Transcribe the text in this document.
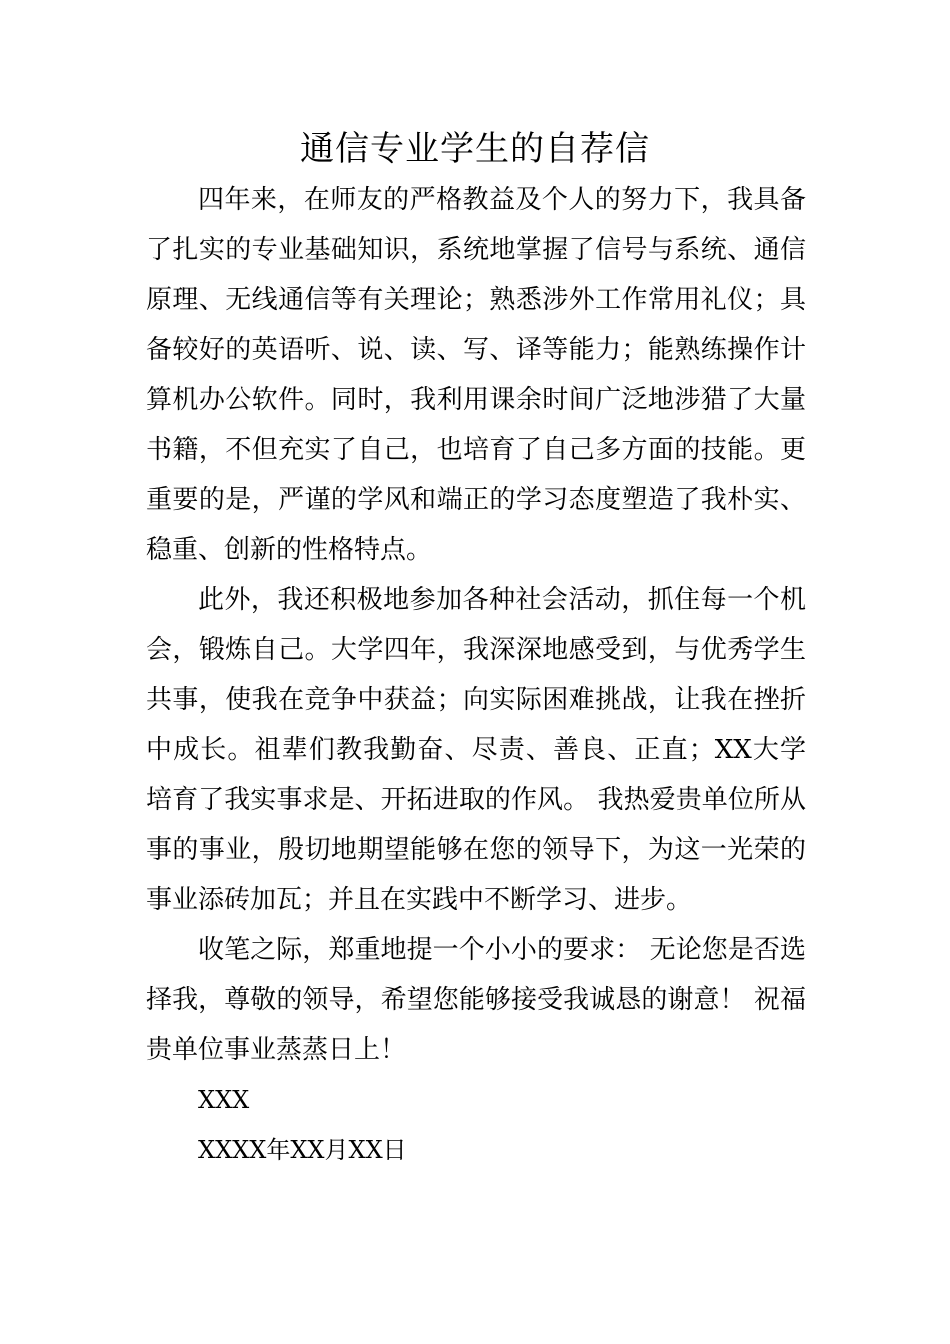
通信专业学生的自荐信

四年来，在师友的严格教益及个人的努力下，我具备了扎实的专业基础知识，系统地掌握了信号与系统、通信原理、无线通信等有关理论；熟悉涉外工作常用礼仪；具备较好的英语听、说、读、写、译等能力；能熟练操作计算机办公软件。同时，我利用课余时间广泛地涉猎了大量书籍，不但充实了自己，也培育了自己多方面的技能。更重要的是，严谨的学风和端正的学习态度塑造了我朴实、稳重、创新的性格特点。

此外，我还积极地参加各种社会活动，抓住每一个机会，锻炼自己。大学四年，我深深地感受到，与优秀学生共事，使我在竞争中获益；向实际困难挑战，让我在挫折中成长。祖辈们教我勤奋、尽责、善良、正直；XX大学培育了我实事求是、开拓进取的作风。 我热爱贵单位所从事的事业，殷切地期望能够在您的领导下，为这一光荣的事业添砖加瓦；并且在实践中不断学习、进步。

收笔之际，郑重地提一个小小的要求： 无论您是否选择我，尊敬的领导，希望您能够接受我诚恳的谢意！ 祝福贵单位事业蒸蒸日上！

XXX

XXXX年XX月XX日
